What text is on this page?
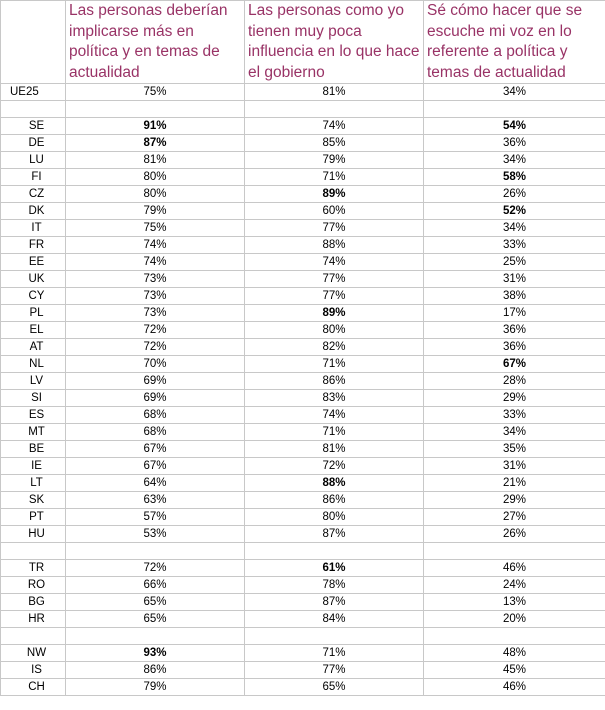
	Las personas deberían implicarse más en política y en temas de actualidad	Las personas como yo tienen muy poca influencia en lo que hace el gobierno	Sé cómo hacer que se escuche mi voz en lo referente a política y temas de actualidad
UE25	75%	81%	34%

SE	91%	74%	54%
DE	87%	85%	36%
LU	81%	79%	34%
FI	80%	71%	58%
CZ	80%	89%	26%
DK	79%	60%	52%
IT	75%	77%	34%
FR	74%	88%	33%
EE	74%	74%	25%
UK	73%	77%	31%
CY	73%	77%	38%
PL	73%	89%	17%
EL	72%	80%	36%
AT	72%	82%	36%
NL	70%	71%	67%
LV	69%	86%	28%
SI	69%	83%	29%
ES	68%	74%	33%
MT	68%	71%	34%
BE	67%	81%	35%
IE	67%	72%	31%
LT	64%	88%	21%
SK	63%	86%	29%
PT	57%	80%	27%
HU	53%	87%	26%

TR	72%	61%	46%
RO	66%	78%	24%
BG	65%	87%	13%
HR	65%	84%	20%

NW	93%	71%	48%
IS	86%	77%	45%
CH	79%	65%	46%
